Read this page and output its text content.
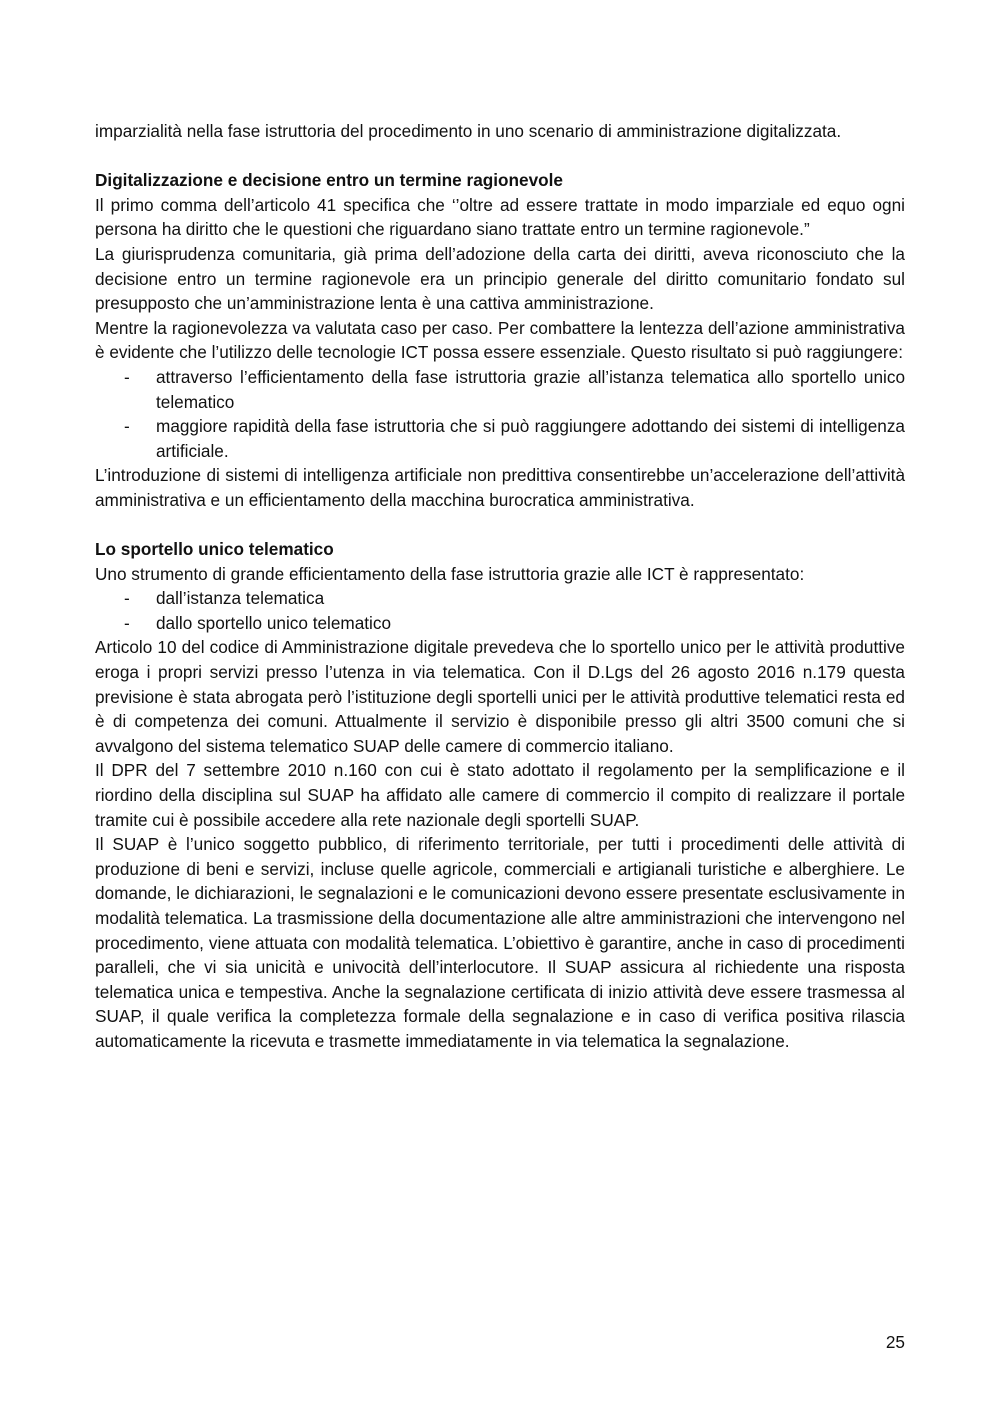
imparzialità nella fase istruttoria del procedimento in uno scenario di amministrazione digitalizzata.

Digitalizzazione e decisione entro un termine ragionevole

Il primo comma dell’articolo 41 specifica che ‘’oltre ad essere trattate in modo imparziale ed equo ogni persona ha diritto che le questioni che riguardano siano trattate entro un termine ragionevole.”

La giurisprudenza comunitaria, già prima dell’adozione della carta dei diritti, aveva riconosciuto che la decisione entro un termine ragionevole era un principio generale del diritto comunitario fondato sul presupposto che un’amministrazione lenta è una cattiva amministrazione.

Mentre la ragionevolezza va valutata caso per caso. Per combattere la lentezza dell’azione amministrativa è evidente che l’utilizzo delle tecnologie ICT possa essere essenziale. Questo risultato si può raggiungere:

-	attraverso l’efficientamento della fase istruttoria grazie all’istanza telematica allo sportello unico telematico
-	maggiore rapidità della fase istruttoria che si può raggiungere adottando dei sistemi di intelligenza artificiale.

L’introduzione di sistemi di intelligenza artificiale non predittiva consentirebbe un’accelerazione dell’attività amministrativa e un efficientamento della macchina burocratica amministrativa.

Lo sportello unico telematico

Uno strumento di grande efficientamento della fase istruttoria grazie alle ICT è rappresentato:

-	dall’istanza telematica
-	dallo sportello unico telematico

Articolo 10 del codice di Amministrazione digitale prevedeva che lo sportello unico per le attività produttive eroga i propri servizi presso l’utenza in via telematica. Con il D.Lgs del 26 agosto 2016 n.179 questa previsione è stata abrogata però l’istituzione degli sportelli unici per le attività produttive telematici resta ed è di competenza dei comuni. Attualmente il servizio è disponibile presso gli altri 3500 comuni che si avvalgono del sistema telematico SUAP delle camere di commercio italiano.

Il DPR del 7 settembre 2010 n.160 con cui è stato adottato il regolamento per la semplificazione e il riordino della disciplina sul SUAP ha affidato alle camere di commercio il compito di realizzare il portale tramite cui è possibile accedere alla rete nazionale degli sportelli SUAP.

Il SUAP è l’unico soggetto pubblico, di riferimento territoriale, per tutti i procedimenti delle attività di produzione di beni e servizi, incluse quelle agricole, commerciali e artigianali turistiche e alberghiere. Le domande, le dichiarazioni, le segnalazioni e le comunicazioni devono essere presentate esclusivamente in modalità telematica. La trasmissione della documentazione alle altre amministrazioni che intervengono nel procedimento, viene attuata con modalità telematica. L’obiettivo è garantire, anche in caso di procedimenti paralleli, che vi sia unicità e univocità dell’interlocutore. Il SUAP assicura al richiedente una risposta telematica unica e tempestiva. Anche la segnalazione certificata di inizio attività deve essere trasmessa al SUAP, il quale verifica la completezza formale della segnalazione e in caso di verifica positiva rilascia automaticamente la ricevuta e trasmette immediatamente in via telematica la segnalazione.

25
